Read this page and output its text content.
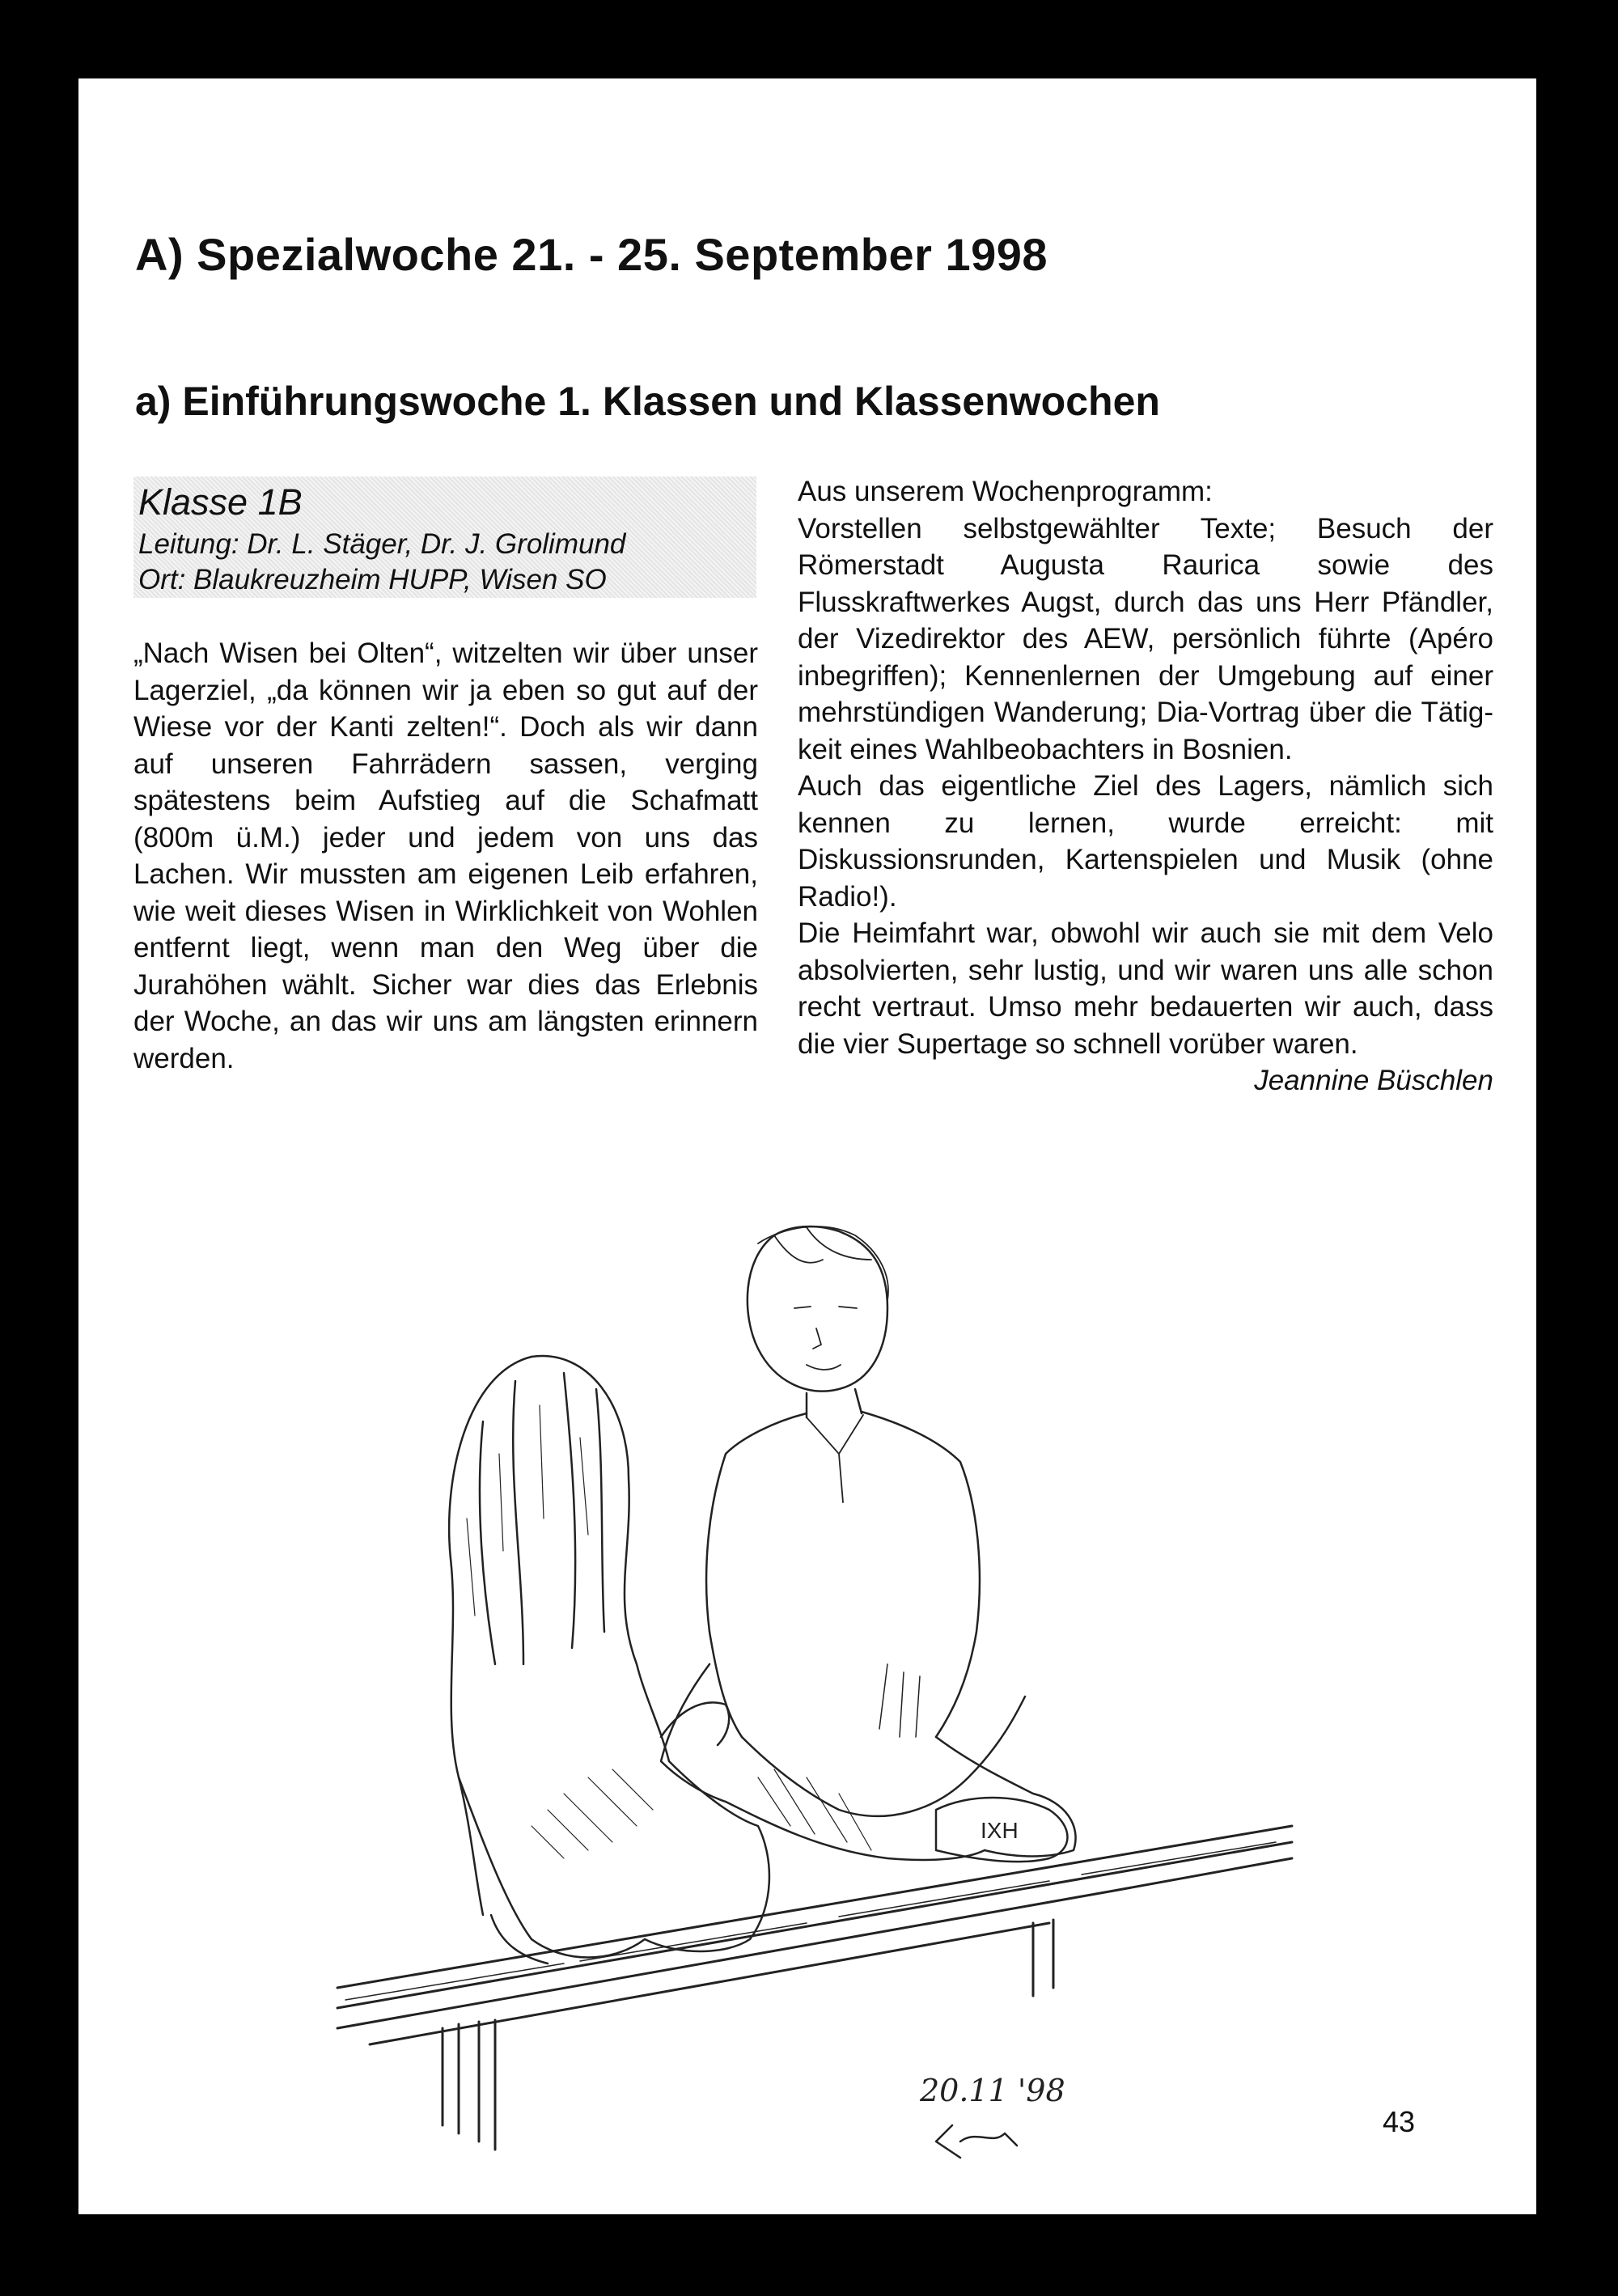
A) Spezialwoche 21. - 25. September 1998
a) Einführungswoche 1. Klassen und Klassenwochen
Klasse 1B
Leitung: Dr. L. Stäger, Dr. J. Grolimund
Ort: Blaukreuzheim HUPP, Wisen SO

„Nach Wisen bei Olten“, witzelten wir über unser Lagerziel, „da können wir ja eben so gut auf der Wiese vor der Kanti zelten!“. Doch als wir dann auf unseren Fahrrädern sassen, verging spätestens beim Aufstieg auf die Schafmatt (800m ü.M.) jeder und jedem von uns das Lachen. Wir mussten am eigenen Leib erfahren, wie weit dieses Wisen in Wirklichkeit von Wohlen entfernt liegt, wenn man den Weg über die Jurahöhen wählt. Sicher war dies das Erlebnis der Woche, an das wir uns am längsten erinnern werden.

Aus unserem Wochenprogramm:

Vorstellen selbstgewählter Texte; Besuch der Römerstadt Augusta Raurica sowie des Flusskraftwerkes Augst, durch das uns Herr Pfändler, der Vizedirektor des AEW, persönlich führte (Apéro inbegriffen); Kennenlernen der Umgebung auf einer mehrstündigen Wanderung; Dia-Vortrag über die Tätigkeit eines Wahlbeobachters in Bosnien.

Auch das eigentliche Ziel des Lagers, nämlich sich kennen zu lernen, wurde erreicht: mit Diskussionsrunden, Kartenspielen und Musik (ohne Radio!).

Die Heimfahrt war, obwohl wir auch sie mit dem Velo absolvierten, sehr lustig, und wir waren uns alle schon recht vertraut. Umso mehr bedauerten wir auch, dass die vier Supertage so schnell vorüber waren.

Jeannine Büschlen

IXH
20.11 '98
43
